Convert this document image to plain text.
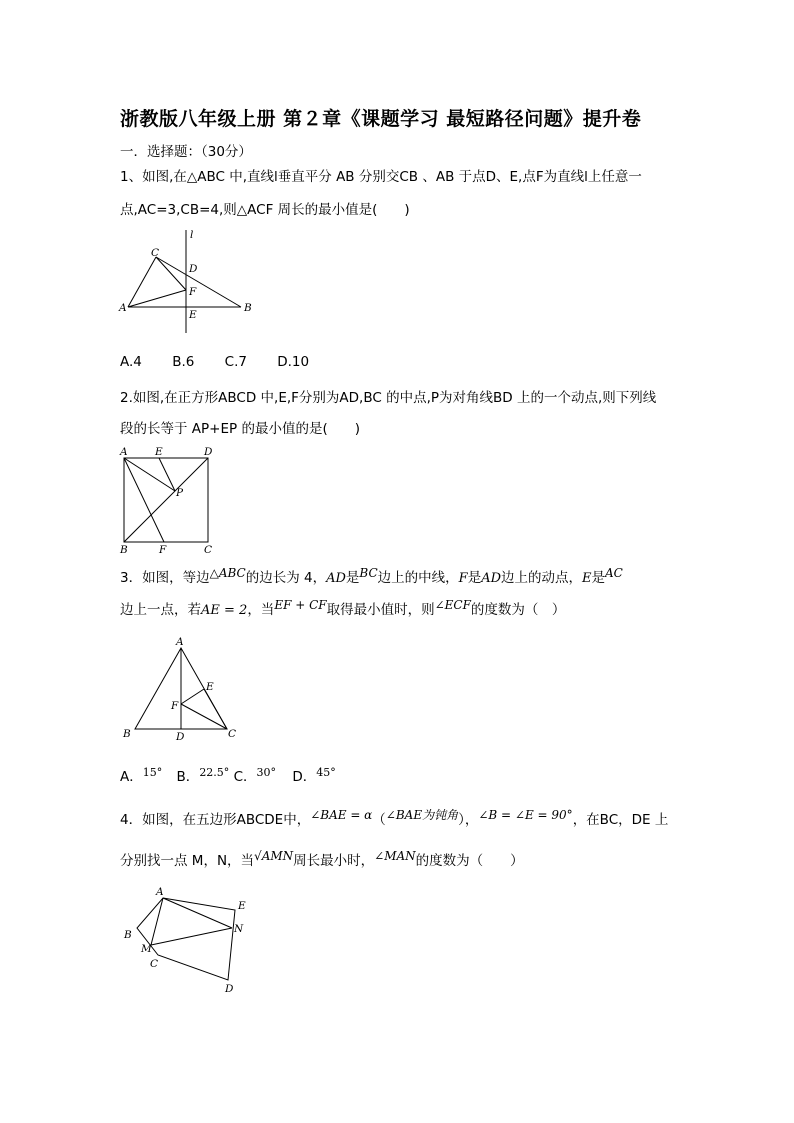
浙教版八年级上册 第２章《课题学习 最短路径问题》提升卷
一．选择题：（30分）
1、如图,在△ABC 中,直线l垂直平分 AB 分别交CB 、AB 于点D、E,点F为直线l上任意一
点,AC=3,CB=4,则△ACF 周长的最小值是(　　)
C
l
D
F
A
E
B
A.4 B.6 C.7 D.10
2.如图,在正方形ABCD 中,E,F分别为AD,BC 的中点,P为对角线BD 上的一个动点,则下列线
段的长等于 AP+EP 的最小值的是(　　)
A	E	D
P
B	F	C
3．如图，等边△ABC的边长为 4，AD是BC边上的中线，F是AD边上的动点，E是AC
边上一点，若AE = 2，当EF + CF取得最小值时，则∠ECF的度数为（　）
A
E
F
B	D	C
A．$^{15^\circ}$ B．$^{22.5^\circ}$ C．$^{30^\circ}$ D．$^{45^\circ}$
4．如图，在五边形ABCDE中，∠BAE = α（∠BAE为钝角），∠B = ∠E = 90°，在BC，DE 上
分别找一点 M，N，当√AMN周长最小时，∠MAN的度数为（　　）
A
E
B	N
M
C
D
